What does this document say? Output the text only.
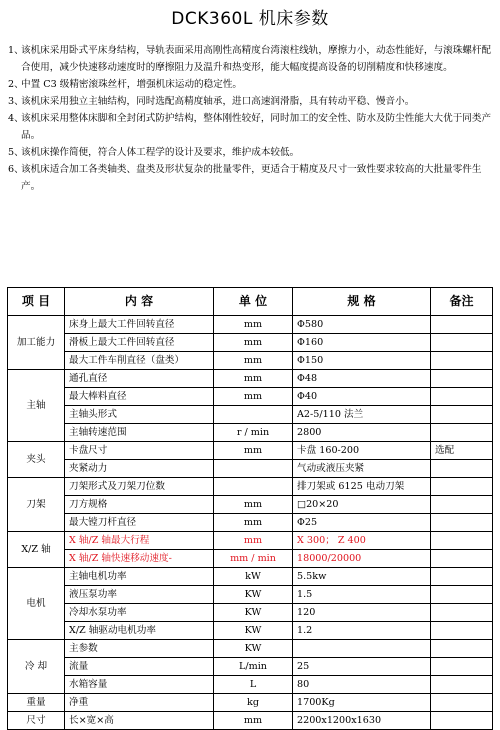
DCK360L 机床参数
1、
该机床采用卧式平床身结构，导轨表面采用高刚性高精度台湾滚柱线轨，摩擦力小，动态性能好，与滚珠螺杆配合使用，减少快速移动速度时的摩擦阻力及温升和热变形，能大幅度提高设备的切削精度和快移速度。
2、
中置 C3 级精密滚珠丝杆，增强机床运动的稳定性。
3、
该机床采用独立主轴结构，同时选配高精度轴承，进口高速润滑脂，具有转动平稳、慢音小。
4、
该机床采用整体床脚和全封闭式防护结构，整体刚性较好，同时加工的安全性、防水及防尘性能大大优于同类产品。
5、
该机床操作简便，符合人体工程学的设计及要求，维护成本较低。
6、
该机床适合加工各类轴类、盘类及形状复杂的批量零件，更适合于精度及尺寸一致性要求较高的大批量零件生产。
项 目	内 容	单 位	规 格	备注
加工能力	床身上最大工件回转直径	mm	Φ580	
	滑板上最大工件回转直径	mm	Φ160	
	最大工件车削直径（盘类）	mm	Φ150	
主轴	通孔直径	mm	Φ48	
	最大棒料直径	mm	Φ40	
	主轴头形式		A2-5/110 法兰	
	主轴转速范围	r / min	2800	
夹头	卡盘尺寸	mm	卡盘 160-200	选配
	夹紧动力		气动或液压夹紧	
刀架	刀架形式及刀架刀位数		排刀架或 6125 电动刀架	
	刀方规格	mm	□20×20	
	最大镗刀杆直径	mm	Φ25	
X/Z 轴	X 轴/Z 轴最大行程	mm	X 300； Z 400	
	X 轴/Z 轴快速移动速度-	mm / min	18000/20000	
电机	主轴电机功率	kW	5.5kw	
	液压泵功率	KW	1.5	
	冷却水泵功率	KW	120	
	X/Z 轴驱动电机功率	KW	1.2	
冷 却	主参数	KW		
	流量	L/min	25	
	水箱容量	L	80	
重量	净重	kg	1700Kg	
尺寸	长×宽×高	mm	2200x1200x1630	
